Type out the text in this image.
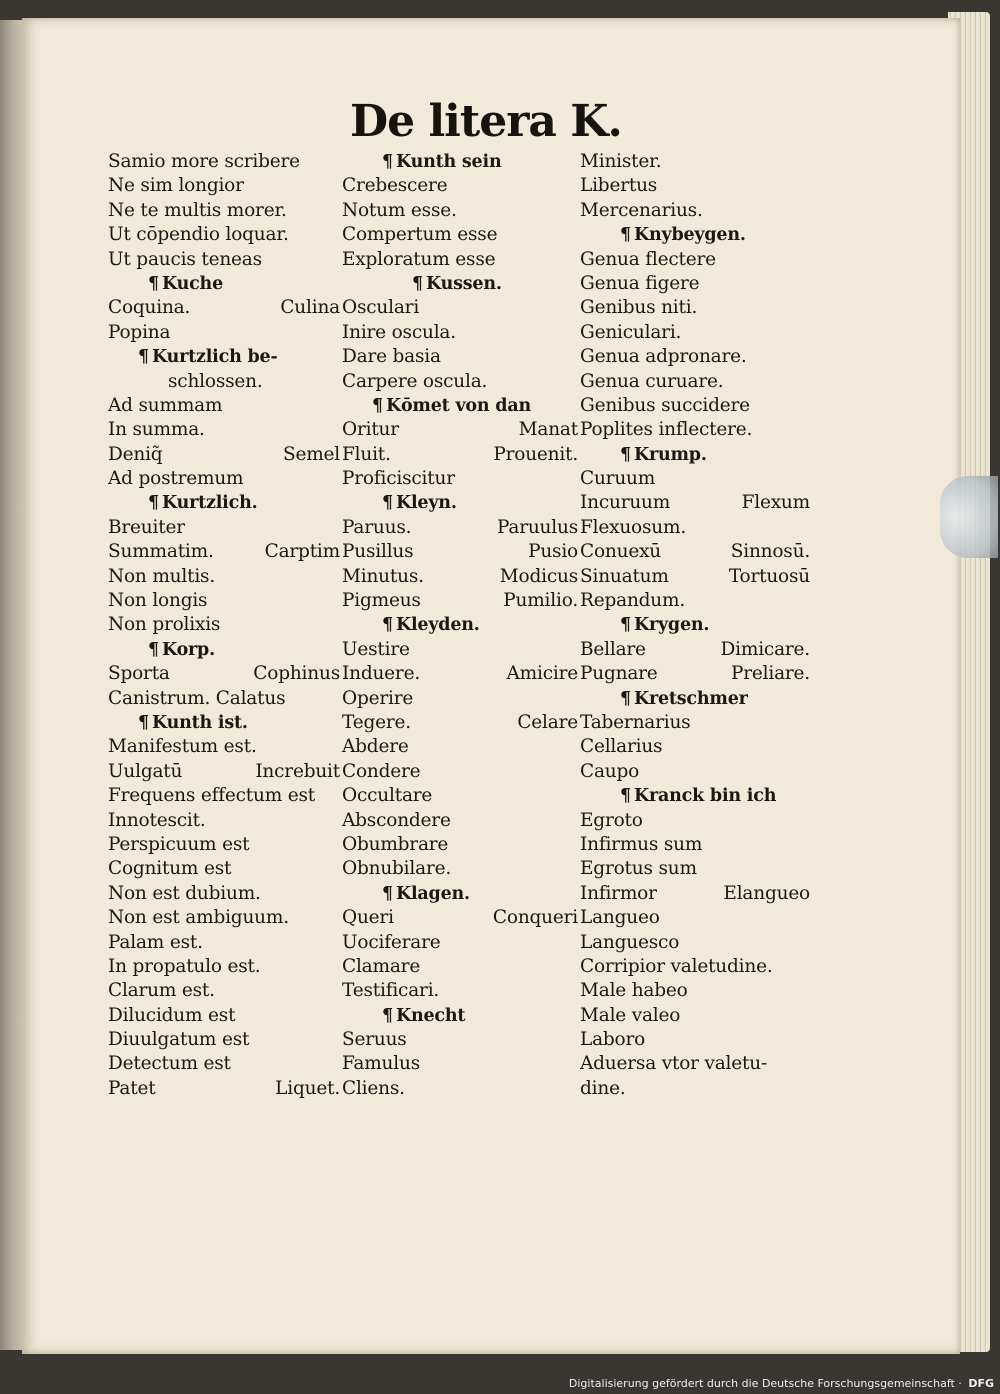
De litera K.
Samio more scribere
Ne sim longior
Ne te multis morer.
Ut cōpendio loquar.
Ut paucis teneas
¶ Kuche
Coquina.	Culina
Popina
¶ Kurtzlich be-
schlossen.
Ad summam
In summa.
Deniq̃	Semel
Ad postremum
¶ Kurtzlich.
Breuiter
Summatim.	Carptim
Non multis.
Non longis
Non prolixis
¶ Korp.
Sporta	Cophinus
Canistrum. Calatus
¶ Kunth ist.
Manifestum est.
Uulgatū	Increbuit
Frequens effectum est
Innotescit.
Perspicuum est
Cognitum est
Non est dubium.
Non est ambiguum.
Palam est.
In propatulo est.
Clarum est.
Dilucidum est
Diuulgatum est
Detectum est
Patet	Liquet.
¶ Kunth sein
Crebescere
Notum esse.
Compertum esse
Exploratum esse
¶ Kussen.
Osculari
Inire oscula.
Dare basia
Carpere oscula.
¶ Kōmet von dan
Oritur	Manat
Fluit.	Prouenit.
Proficiscitur
¶ Kleyn.
Paruus.	Paruulus
Pusillus	Pusio
Minutus.	Modicus
Pigmeus	Pumilio.
¶ Kleyden.
Uestire
Induere.	Amicire
Operire
Tegere.	Celare
Abdere
Condere
Occultare
Abscondere
Obumbrare
Obnubilare.
¶ Klagen.
Queri	Conqueri
Uociferare
Clamare
Testificari.
¶ Knecht
Seruus
Famulus
Cliens.
Minister.
Libertus
Mercenarius.
¶ Knybeygen.
Genua flectere
Genua figere
Genibus niti.
Geniculari.
Genua adpronare.
Genua curuare.
Genibus succidere
Poplites inflectere.
¶ Krump.
Curuum
Incuruum	Flexum
Flexuosum.
Conuexū	Sinnosū.
Sinuatum	Tortuosū
Repandum.
¶ Krygen.
Bellare	Dimicare.
Pugnare	Preliare.
¶ Kretschmer
Tabernarius
Cellarius
Caupo
¶ Kranck bin ich
Egroto
Infirmus sum
Egrotus sum
Infirmor	Elangueo
Langueo
Languesco
Corripior valetudine.
Male habeo
Male valeo
Laboro
Aduersa vtor valetu-
dine.
Digitalisierung gefördert durch die Deutsche Forschungsgemeinschaft · DFG
